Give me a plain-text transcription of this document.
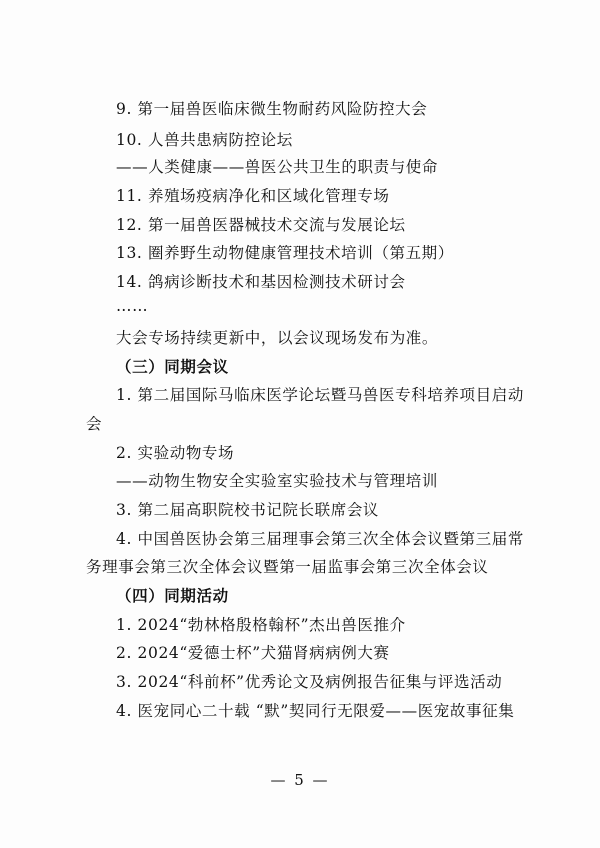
9. 第一届兽医临床微生物耐药风险防控大会
10. 人兽共患病防控论坛
——人类健康——兽医公共卫生的职责与使命
11. 养殖场疫病净化和区域化管理专场
12. 第一届兽医器械技术交流与发展论坛
13. 圈养野生动物健康管理技术培训（第五期）
14. 鸽病诊断技术和基因检测技术研讨会
……
大会专场持续更新中，以会议现场发布为准。
（三）同期会议
1. 第二届国际马临床医学论坛暨马兽医专科培养项目启动
会
2. 实验动物专场
——动物生物安全实验室实验技术与管理培训
3. 第二届高职院校书记院长联席会议
4. 中国兽医协会第三届理事会第三次全体会议暨第三届常
务理事会第三次全体会议暨第一届监事会第三次全体会议
（四）同期活动
1. 2024“勃林格殷格翰杯”杰出兽医推介
2. 2024“爱德士杯”犬猫肾病病例大赛
3. 2024“科前杯”优秀论文及病例报告征集与评选活动
4. 医宠同心二十载 “默”契同行无限爱——医宠故事征集
— 5 —
